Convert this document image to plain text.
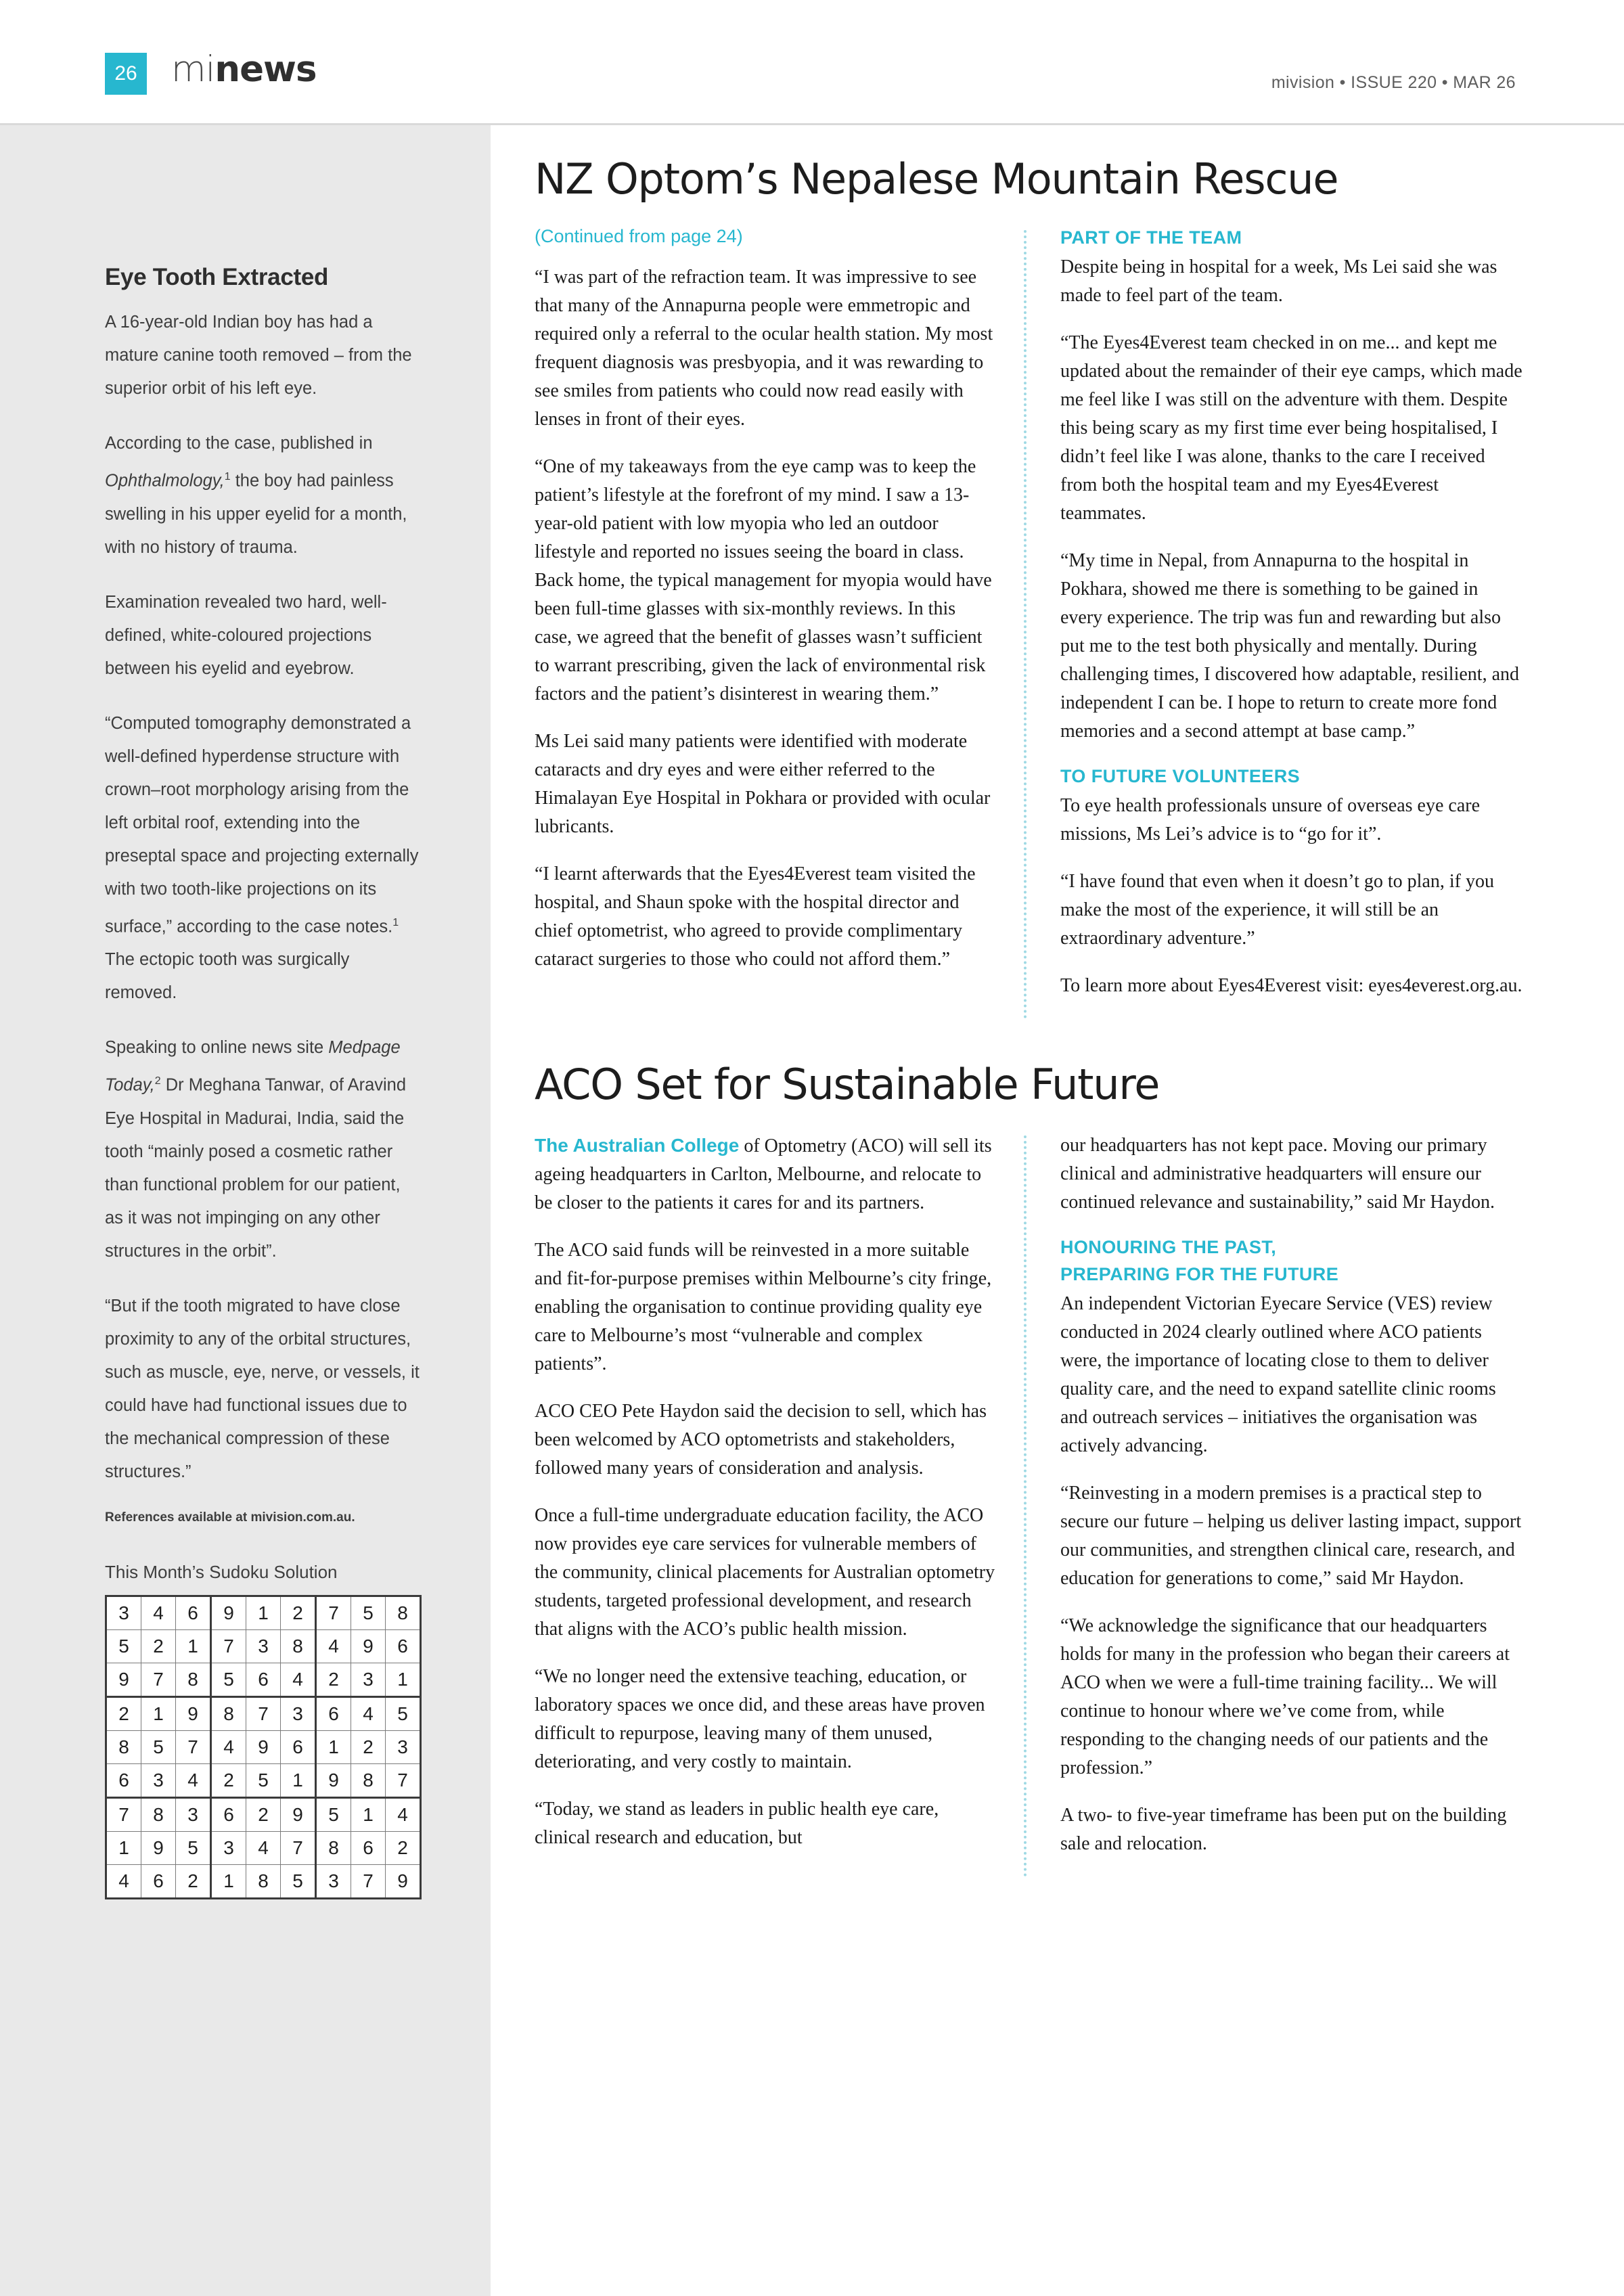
26 minews	mivision • ISSUE 220 • MAR 26
Eye Tooth Extracted

A 16-year-old Indian boy has had a mature canine tooth removed – from the superior orbit of his left eye.

According to the case, published in Ophthalmology,$^1$ the boy had painless swelling in his upper eyelid for a month, with no history of trauma.

Examination revealed two hard, well-defined, white-coloured projections between his eyelid and eyebrow.

“Computed tomography demonstrated a well-defined hyperdense structure with crown–root morphology arising from the left orbital roof, extending into the preseptal space and projecting externally with two tooth-like projections on its surface,” according to the case notes.$^1$ The ectopic tooth was surgically removed.

Speaking to online news site Medpage Today,$^2$ Dr Meghana Tanwar, of Aravind Eye Hospital in Madurai, India, said the tooth “mainly posed a cosmetic rather than functional problem for our patient, as it was not impinging on any other structures in the orbit”.

“But if the tooth migrated to have close proximity to any of the orbital structures, such as muscle, eye, nerve, or vessels, it could have had functional issues due to the mechanical compression of these structures.”

References available at mivision.com.au.
This Month’s Sudoku Solution
3	4	6	9	1	2	7	5	8
5	2	1	7	3	8	4	9	6
9	7	8	5	6	4	2	3	1
2	1	9	8	7	3	6	4	5
8	5	7	4	9	6	1	2	3
6	3	4	2	5	1	9	8	7
7	8	3	6	2	9	5	1	4
1	9	5	3	4	7	8	6	2
4	6	2	1	8	5	3	7	9
NZ Optom’s Nepalese Mountain Rescue
(Continued from page 24)

“I was part of the refraction team. It was impressive to see that many of the Annapurna people were emmetropic and required only a referral to the ocular health station. My most frequent diagnosis was presbyopia, and it was rewarding to see smiles from patients who could now read easily with lenses in front of their eyes.

“One of my takeaways from the eye camp was to keep the patient’s lifestyle at the forefront of my mind. I saw a 13-year-old patient with low myopia who led an outdoor lifestyle and reported no issues seeing the board in class. Back home, the typical management for myopia would have been full-time glasses with six-monthly reviews. In this case, we agreed that the benefit of glasses wasn’t sufficient to warrant prescribing, given the lack of environmental risk factors and the patient’s disinterest in wearing them.”

Ms Lei said many patients were identified with moderate cataracts and dry eyes and were either referred to the Himalayan Eye Hospital in Pokhara or provided with ocular lubricants.

“I learnt afterwards that the Eyes4Everest team visited the hospital, and Shaun spoke with the hospital director and chief optometrist, who agreed to provide complimentary cataract surgeries to those who could not afford them.”

PART OF THE TEAM

Despite being in hospital for a week, Ms Lei said she was made to feel part of the team.

“The Eyes4Everest team checked in on me... and kept me updated about the remainder of their eye camps, which made me feel like I was still on the adventure with them. Despite this being scary as my first time ever being hospitalised, I didn’t feel like I was alone, thanks to the care I received from both the hospital team and my Eyes4Everest teammates.

“My time in Nepal, from Annapurna to the hospital in Pokhara, showed me there is something to be gained in every experience. The trip was fun and rewarding but also put me to the test both physically and mentally. During challenging times, I discovered how adaptable, resilient, and independent I can be. I hope to return to create more fond memories and a second attempt at base camp.”

TO FUTURE VOLUNTEERS

To eye health professionals unsure of overseas eye care missions, Ms Lei’s advice is to “go for it”.

“I have found that even when it doesn’t go to plan, if you make the most of the experience, it will still be an extraordinary adventure.”

To learn more about Eyes4Everest visit: eyes4everest.org.au.

ACO Set for Sustainable Future

The Australian College of Optometry (ACO) will sell its ageing headquarters in Carlton, Melbourne, and relocate to be closer to the patients it cares for and its partners.

The ACO said funds will be reinvested in a more suitable and fit-for-purpose premises within Melbourne’s city fringe, enabling the organisation to continue providing quality eye care to Melbourne’s most “vulnerable and complex patients”.

ACO CEO Pete Haydon said the decision to sell, which has been welcomed by ACO optometrists and stakeholders, followed many years of consideration and analysis.

Once a full-time undergraduate education facility, the ACO now provides eye care services for vulnerable members of the community, clinical placements for Australian optometry students, targeted professional development, and research that aligns with the ACO’s public health mission.

“We no longer need the extensive teaching, education, or laboratory spaces we once did, and these areas have proven difficult to repurpose, leaving many of them unused, deteriorating, and very costly to maintain.

“Today, we stand as leaders in public health eye care, clinical research and education, but

our headquarters has not kept pace. Moving our primary clinical and administrative headquarters will ensure our continued relevance and sustainability,” said Mr Haydon.

HONOURING THE PAST,
PREPARING FOR THE FUTURE

An independent Victorian Eyecare Service (VES) review conducted in 2024 clearly outlined where ACO patients were, the importance of locating close to them to deliver quality care, and the need to expand satellite clinic rooms and outreach services – initiatives the organisation was actively advancing.

“Reinvesting in a modern premises is a practical step to secure our future – helping us deliver lasting impact, support our communities, and strengthen clinical care, research, and education for generations to come,” said Mr Haydon.

“We acknowledge the significance that our headquarters holds for many in the profession who began their careers at ACO when we were a full-time training facility... We will continue to honour where we’ve come from, while responding to the changing needs of our patients and the profession.”

A two- to five-year timeframe has been put on the building sale and relocation.
